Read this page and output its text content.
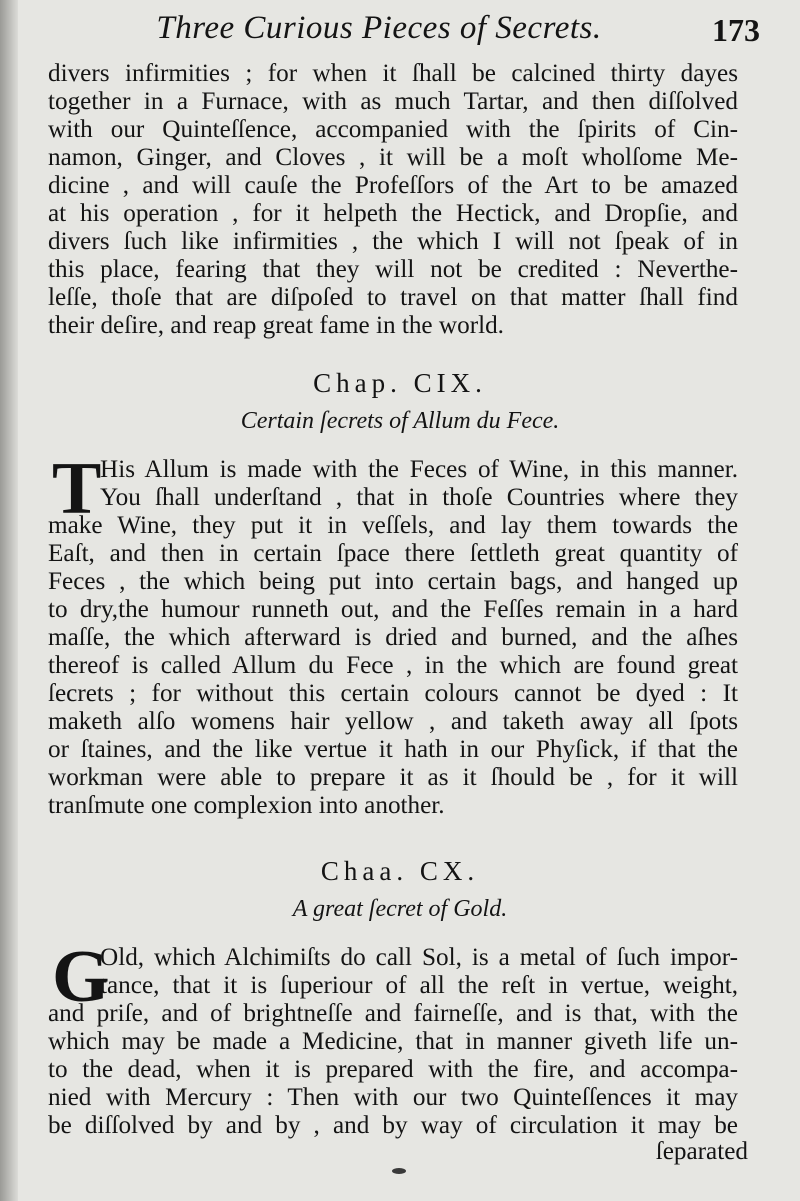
Three Curious Pieces of Secrets.	173
divers infirmities ; for when it ſhall be calcined thirty dayes
together in a Furnace, with as much Tartar, and then diſſolved
with our Quinteſſence, accompanied with the ſpirits of Cin-
namon, Ginger, and Cloves , it will be a moſt wholſome Me-
dicine , and will cauſe the Profeſſors of the Art to be amazed
at his operation , for it helpeth the Hectick, and Dropſie, and
divers ſuch like infirmities , the which I will not ſpeak of in
this place, fearing that they will not be credited : Neverthe-
leſſe, thoſe that are diſpoſed to travel on that matter ſhall find
their deſire, and reap great fame in the world.
Chap. CIX.
Certain ſecrets of Allum du Fece.
T
His Allum is made with the Feces of Wine, in this manner.
You ſhall underſtand , that in thoſe Countries where they
make Wine, they put it in veſſels, and lay them towards the
Eaſt, and then in certain ſpace there ſettleth great quantity of
Feces , the which being put into certain bags, and hanged up
to dry,the humour runneth out, and the Feſſes remain in a hard
maſſe, the which afterward is dried and burned, and the aſhes
thereof is called Allum du Fece , in the which are found great
ſecrets ; for without this certain colours cannot be dyed : It
maketh alſo womens hair yellow , and taketh away all ſpots
or ſtaines, and the like vertue it hath in our Phyſick, if that the
workman were able to prepare it as it ſhould be , for it will
tranſmute one complexion into another.
Chaa. CX.
A great ſecret of Gold.
G
Old, which Alchimiſts do call Sol, is a metal of ſuch impor-
tance, that it is ſuperiour of all the reſt in vertue, weight,
and priſe, and of brightneſſe and fairneſſe, and is that, with the
which may be made a Medicine, that in manner giveth life un-
to the dead, when it is prepared with the fire, and accompa-
nied with Mercury : Then with our two Quinteſſences it may
be diſſolved by and by , and by way of circulation it may be
ſeparated
